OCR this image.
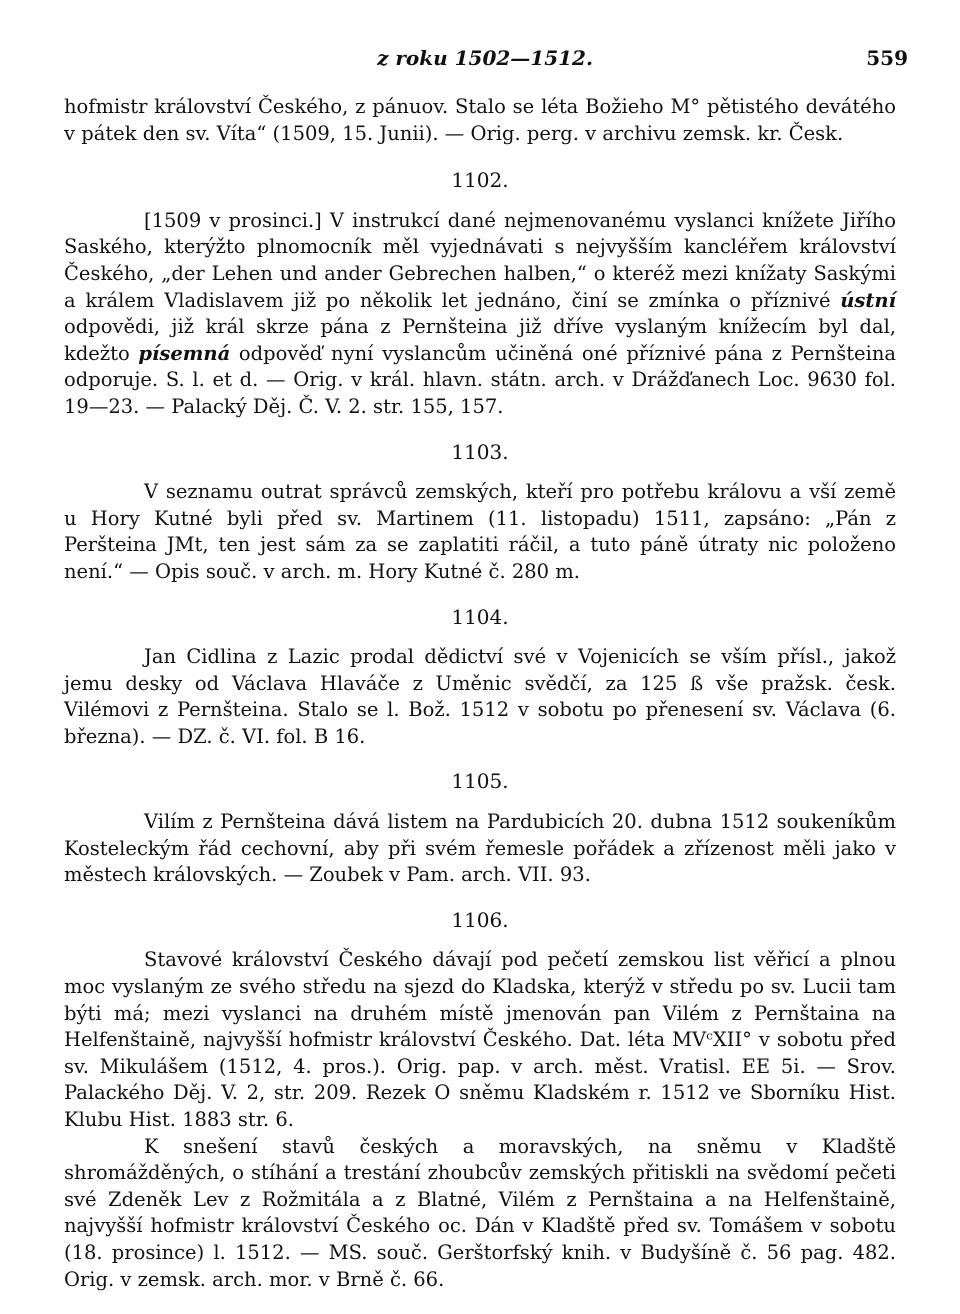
z roku 1502—1512.	559

hofmistr království Českého, z pánuov. Stalo se léta Božieho M° pětistého devátého v pátek den sv. Víta“ (1509, 15. Junii). — Orig. perg. v archivu zemsk. kr. Česk.

1102.

[1509 v prosinci.] V instrukcí dané nejmenovanému vyslanci knížete Jiřího Saského, kterýžto plnomocník měl vyjednávati s nejvyšším kancléřem království Českého, „der Lehen und ander Gebrechen halben,“ o kteréž mezi knížaty Saskými a králem Vladislavem již po několik let jednáno, činí se zmínka o příznivé ústní odpovědi, již král skrze pána z Pernšteina již dříve vyslaným knížecím byl dal, kdežto písemná odpověď nyní vyslancům učiněná oné příznivé pána z Pernšteina odporuje. S. l. et d. — Orig. v král. hlavn. státn. arch. v Drážďanech Loc. 9630 fol. 19—23. — Palacký Děj. Č. V. 2. str. 155, 157.

1103.

V seznamu outrat správců zemských, kteří pro potřebu královu a vší země u Hory Kutné byli před sv. Martinem (11. listopadu) 1511, zapsáno: „Pán z Peršteina JMt, ten jest sám za se zaplatiti ráčil, a tuto páně útraty nic položeno není.“ — Opis souč. v arch. m. Hory Kutné č. 280 m.

1104.

Jan Cidlina z Lazic prodal dědictví své v Vojenicích se vším přísl., jakož jemu desky od Václava Hlaváče z Uměnic svědčí, za 125 ß vše pražsk. česk. Vilémovi z Pernšteina. Stalo se l. Bož. 1512 v sobotu po přenesení sv. Václava (6. března). — DZ. č. VI. fol. B 16.

1105.

Vilím z Pernšteina dává listem na Pardubicích 20. dubna 1512 soukeníkům Kosteleckým řád cechovní, aby při svém řemesle pořádek a zřízenost měli jako v městech královských. — Zoubek v Pam. arch. VII. 93.

1106.

Stavové království Českého dávají pod pečetí zemskou list věřicí a plnou moc vyslaným ze svého středu na sjezd do Kladska, kterýž v středu po sv. Lucii tam býti má; mezi vyslanci na druhém místě jmenován pan Vilém z Pernštaina na Helfenštaině, najvyšší hofmistr království Českého. Dat. léta MVᶜXII° v sobotu před sv. Mikulášem (1512, 4. pros.). Orig. pap. v arch. měst. Vratisl. EE 5i. — Srov. Palackého Děj. V. 2, str. 209. Rezek O sněmu Kladském r. 1512 ve Sborníku Hist. Klubu Hist. 1883 str. 6.

K snešení stavů českých a moravských, na sněmu v Kladště shromážděných, o stíhání a trestání zhoubcův zemských přitiskli na svědomí pečeti své Zdeněk Lev z Rožmitála a z Blatné, Vilém z Pernštaina a na Helfenštaině, najvyšší hofmistr království Českého oc. Dán v Kladště před sv. Tomášem v sobotu (18. prosince) l. 1512. — MS. souč. Gerštorfský knih. v Budyšíně č. 56 pag. 482. Orig. v zemsk. arch. mor. v Brně č. 66.
